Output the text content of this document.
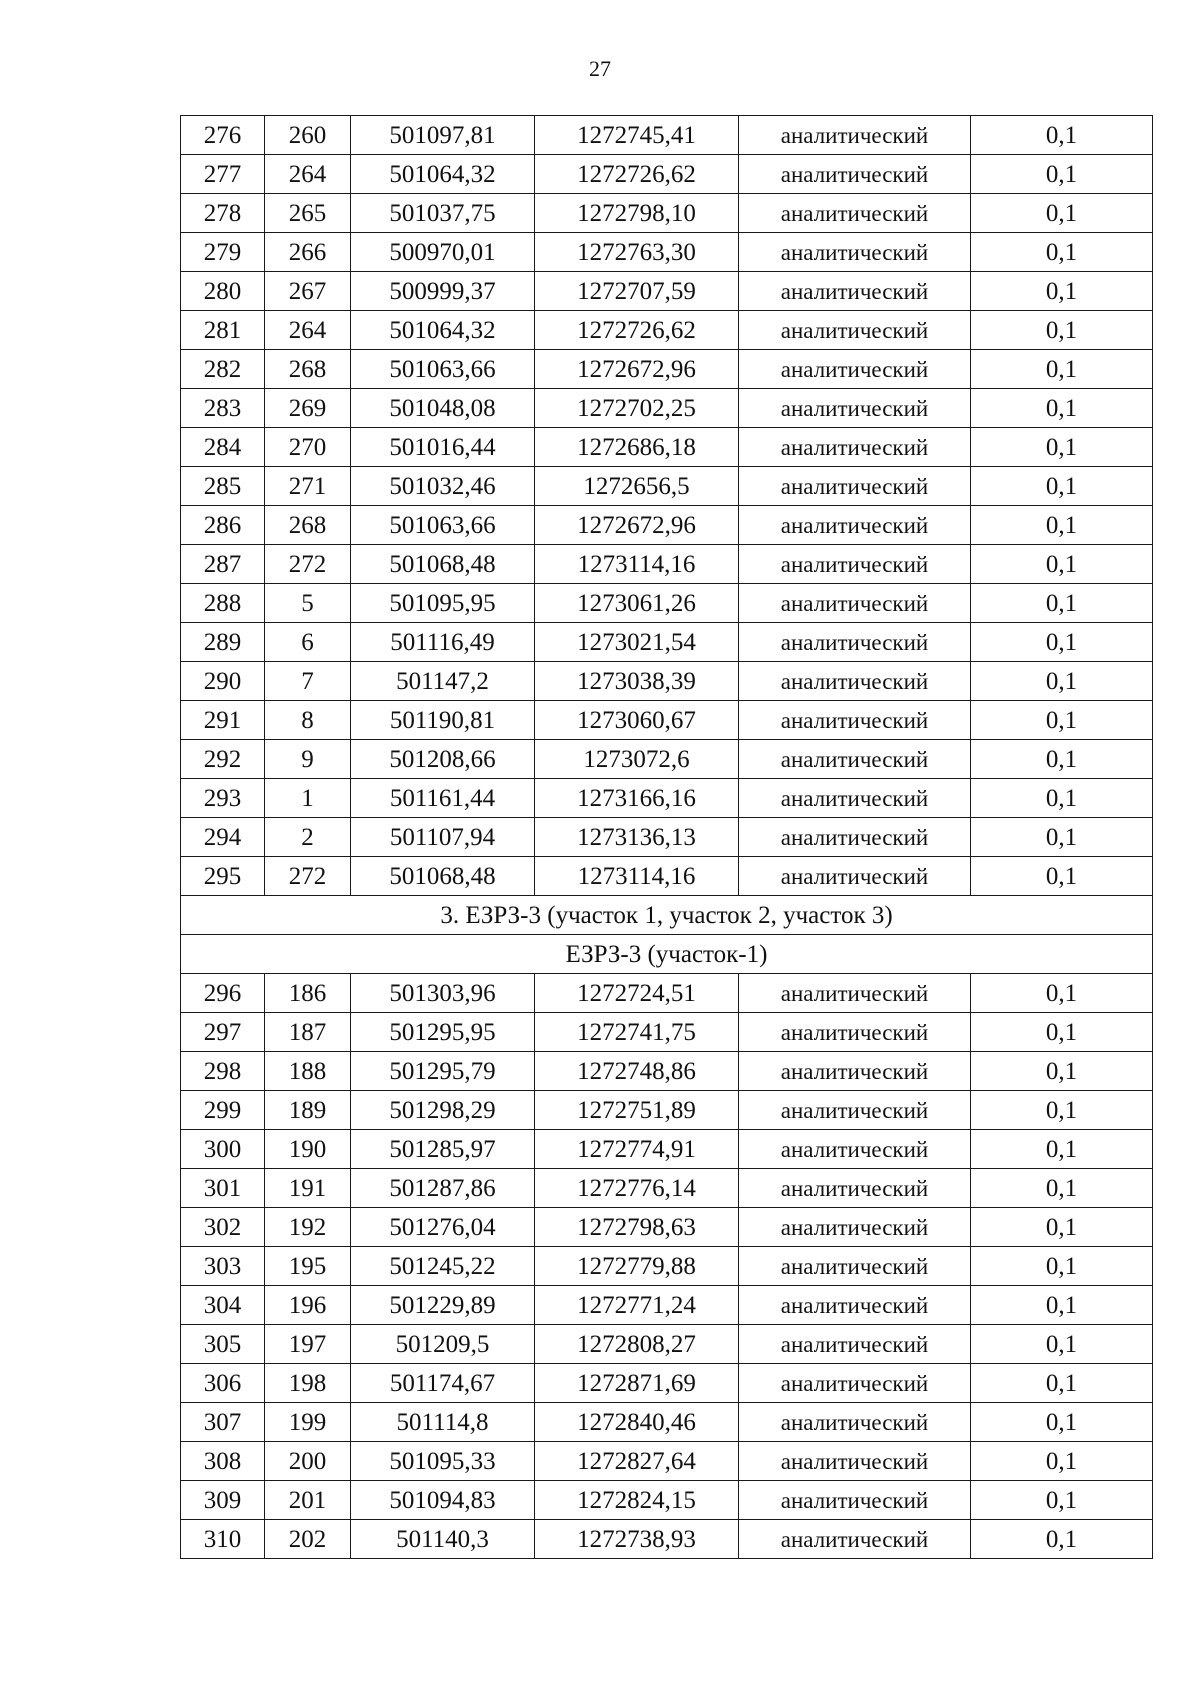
27
276	260	501097,81	1272745,41	аналитический	0,1
277	264	501064,32	1272726,62	аналитический	0,1
278	265	501037,75	1272798,10	аналитический	0,1
279	266	500970,01	1272763,30	аналитический	0,1
280	267	500999,37	1272707,59	аналитический	0,1
281	264	501064,32	1272726,62	аналитический	0,1
282	268	501063,66	1272672,96	аналитический	0,1
283	269	501048,08	1272702,25	аналитический	0,1
284	270	501016,44	1272686,18	аналитический	0,1
285	271	501032,46	1272656,5	аналитический	0,1
286	268	501063,66	1272672,96	аналитический	0,1
287	272	501068,48	1273114,16	аналитический	0,1
288	5	501095,95	1273061,26	аналитический	0,1
289	6	501116,49	1273021,54	аналитический	0,1
290	7	501147,2	1273038,39	аналитический	0,1
291	8	501190,81	1273060,67	аналитический	0,1
292	9	501208,66	1273072,6	аналитический	0,1
293	1	501161,44	1273166,16	аналитический	0,1
294	2	501107,94	1273136,13	аналитический	0,1
295	272	501068,48	1273114,16	аналитический	0,1
3. ЕЗРЗ-3 (участок 1, участок 2, участок 3)					
ЕЗРЗ-3 (участок-1)					
296	186	501303,96	1272724,51	аналитический	0,1
297	187	501295,95	1272741,75	аналитический	0,1
298	188	501295,79	1272748,86	аналитический	0,1
299	189	501298,29	1272751,89	аналитический	0,1
300	190	501285,97	1272774,91	аналитический	0,1
301	191	501287,86	1272776,14	аналитический	0,1
302	192	501276,04	1272798,63	аналитический	0,1
303	195	501245,22	1272779,88	аналитический	0,1
304	196	501229,89	1272771,24	аналитический	0,1
305	197	501209,5	1272808,27	аналитический	0,1
306	198	501174,67	1272871,69	аналитический	0,1
307	199	501114,8	1272840,46	аналитический	0,1
308	200	501095,33	1272827,64	аналитический	0,1
309	201	501094,83	1272824,15	аналитический	0,1
310	202	501140,3	1272738,93	аналитический	0,1
